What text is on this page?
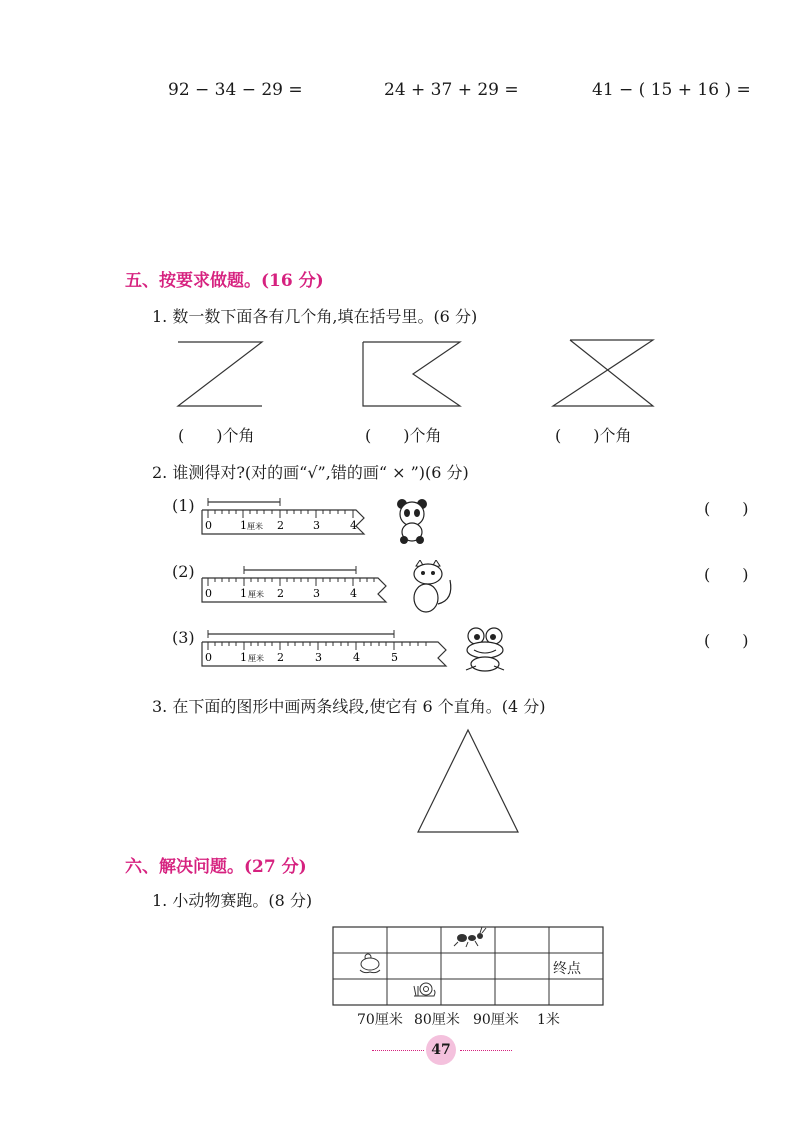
92 − 34 − 29 =	24 + 37 + 29 =	41 − ( 15 + 16 ) =
五、按要求做题。(16 分)
1. 数一数下面各有几个角,填在括号里。(6 分)
(　　)个角	(　　)个角	(　　)个角
2. 谁测得对?(对的画“√”,错的画“ × ”)(6 分)
(1)
0	1 厘米 2	3	4
(　　)
(2)
0	1 厘米 2	3	4
(　　)
(3)
0	1 厘米 2	3	4	5
(　　)
3. 在下面的图形中画两条线段,使它有 6 个直角。(4 分)
六、解决问题。(27 分)
1. 小动物赛跑。(8 分)
终点
70厘米 80厘米 90厘米 1米
47
